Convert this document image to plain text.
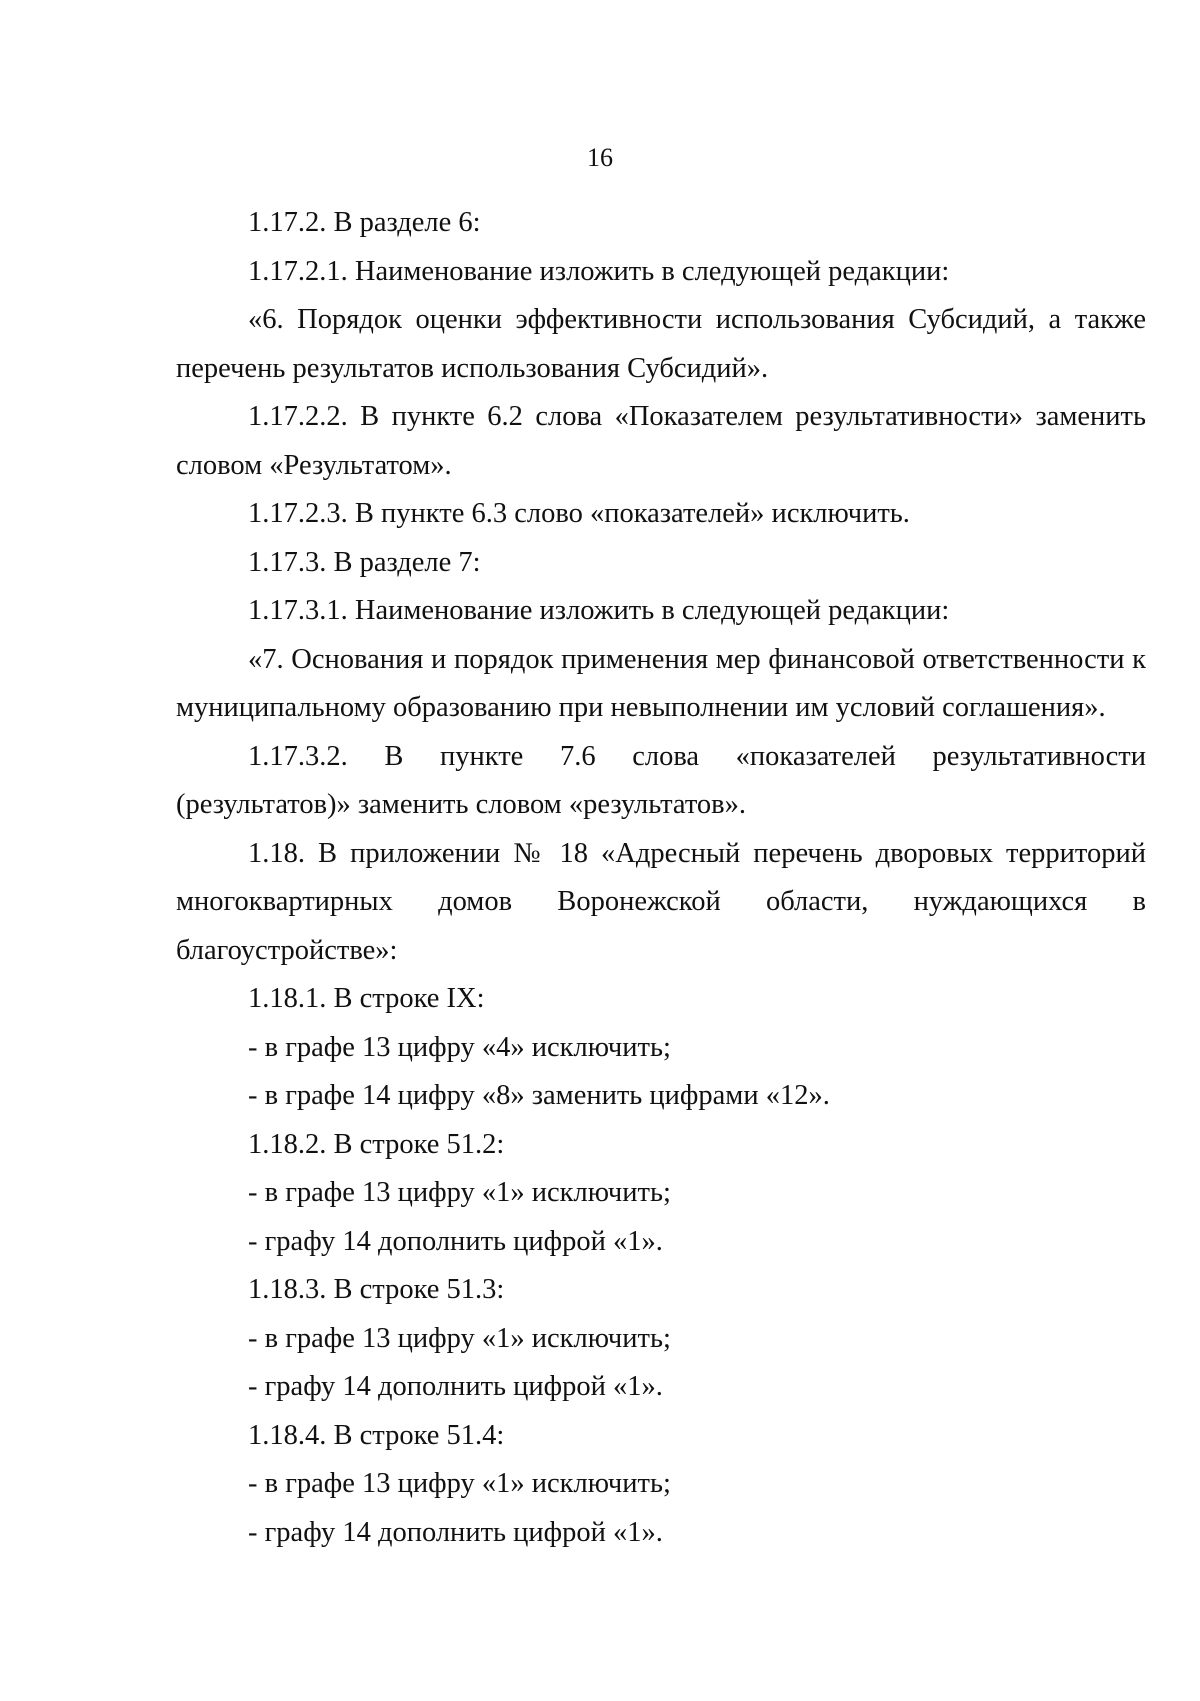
16

1.17.2. В разделе 6:

1.17.2.1. Наименование изложить в следующей редакции:

«6. Порядок оценки эффективности использования Субсидий, а также перечень результатов использования Субсидий».

1.17.2.2. В пункте 6.2 слова «Показателем результативности» заменить словом «Результатом».

1.17.2.3. В пункте 6.3 слово «показателей» исключить.

1.17.3. В разделе 7:

1.17.3.1. Наименование изложить в следующей редакции:

«7. Основания и порядок применения мер финансовой ответственности к муниципальному образованию при невыполнении им условий соглашения».

1.17.3.2. В пункте 7.6 слова «показателей результативности (результатов)» заменить словом «результатов».

1.18. В приложении № 18 «Адресный перечень дворовых территорий многоквартирных домов Воронежской области, нуждающихся в благоустройстве»:

1.18.1. В строке IX:

- в графе 13 цифру «4» исключить;

- в графе 14 цифру «8» заменить цифрами «12».

1.18.2. В строке 51.2:

- в графе 13 цифру «1» исключить;

- графу 14 дополнить цифрой «1».

1.18.3. В строке 51.3:

- в графе 13 цифру «1» исключить;

- графу 14 дополнить цифрой «1».

1.18.4. В строке 51.4:

- в графе 13 цифру «1» исключить;

- графу 14 дополнить цифрой «1».
